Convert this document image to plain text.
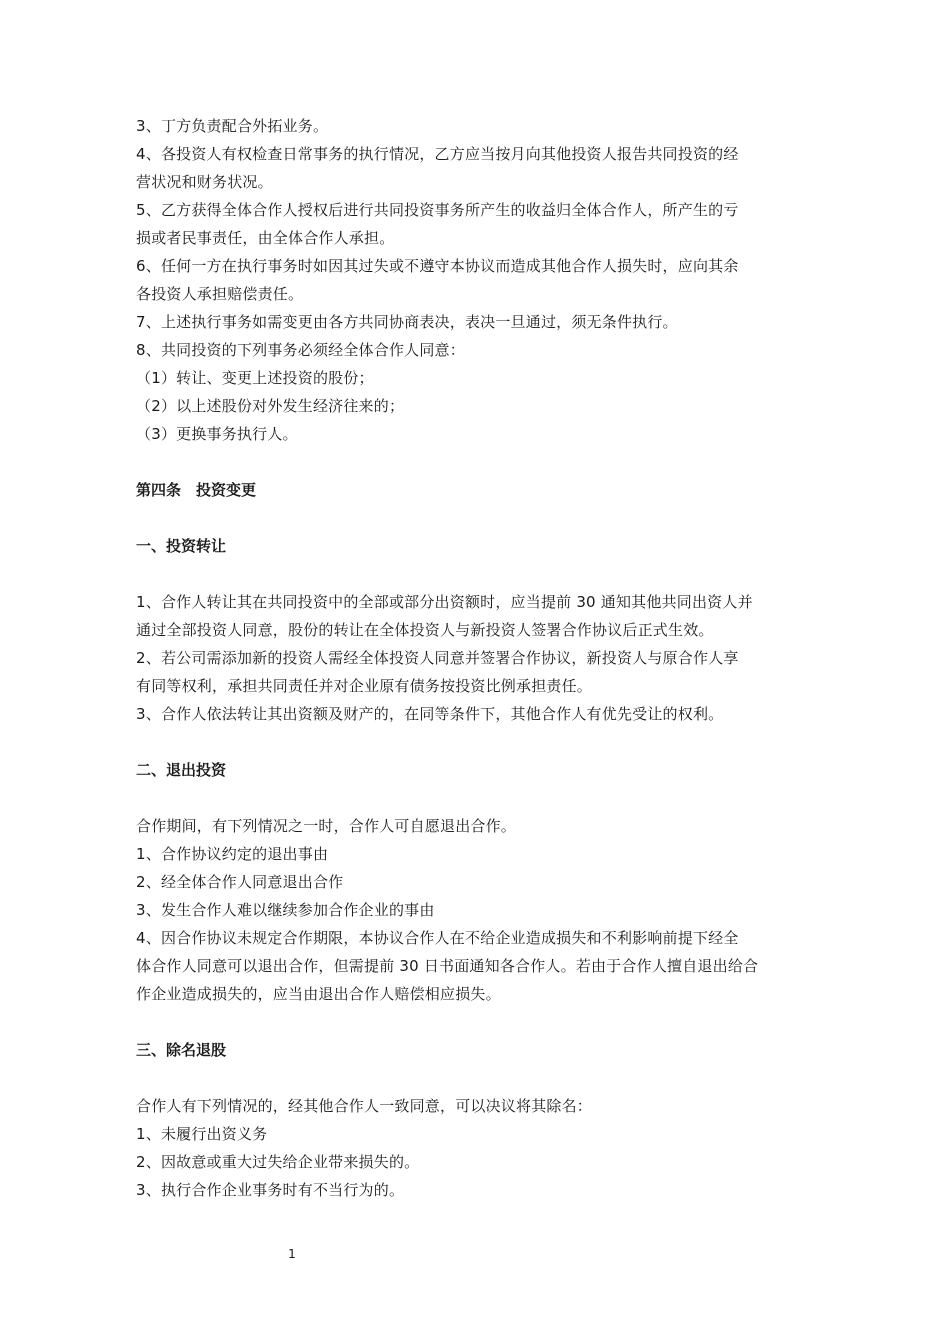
3、丁方负责配合外拓业务。
4、各投资人有权检查日常事务的执行情况，乙方应当按月向其他投资人报告共同投资的经
营状况和财务状况。
5、乙方获得全体合作人授权后进行共同投资事务所产生的收益归全体合作人，所产生的亏
损或者民事责任，由全体合作人承担。
6、任何一方在执行事务时如因其过失或不遵守本协议而造成其他合作人损失时，应向其余
各投资人承担赔偿责任。
7、上述执行事务如需变更由各方共同协商表决，表决一旦通过，须无条件执行。
8、共同投资的下列事务必须经全体合作人同意：
（1）转让、变更上述投资的股份；
（2）以上述股份对外发生经济往来的；
（3）更换事务执行人。
第四条　投资变更
一、投资转让
1、合作人转让其在共同投资中的全部或部分出资额时，应当提前 30 通知其他共同出资人并
通过全部投资人同意，股份的转让在全体投资人与新投资人签署合作协议后正式生效。
2、若公司需添加新的投资人需经全体投资人同意并签署合作协议，新投资人与原合作人享
有同等权利，承担共同责任并对企业原有债务按投资比例承担责任。
3、合作人依法转让其出资额及财产的，在同等条件下，其他合作人有优先受让的权利。
二、退出投资
合作期间，有下列情况之一时，合作人可自愿退出合作。
1、合作协议约定的退出事由
2、经全体合作人同意退出合作
3、发生合作人难以继续参加合作企业的事由
4、因合作协议未规定合作期限，本协议合作人在不给企业造成损失和不利影响前提下经全
体合作人同意可以退出合作，但需提前 30 日书面通知各合作人。若由于合作人擅自退出给合
作企业造成损失的，应当由退出合作人赔偿相应损失。
三、除名退股
合作人有下列情况的，经其他合作人一致同意，可以决议将其除名：
1、未履行出资义务
2、因故意或重大过失给企业带来损失的。
3、执行合作企业事务时有不当行为的。
1
